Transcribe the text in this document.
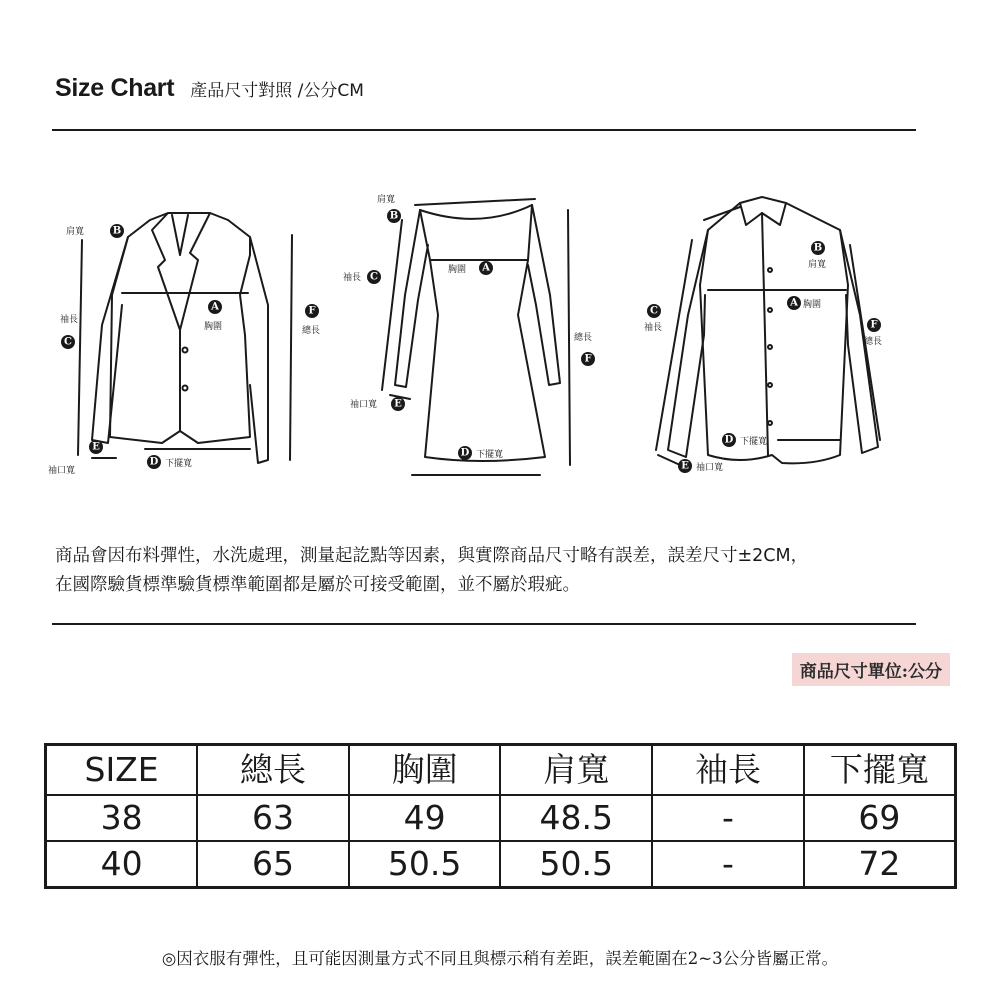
Size Chart 產品尺寸對照 /公分CM
肩寬	B
袖長
C
A
胸圍
F
總長
E
袖口寬
D 下擺寬
肩寬
B
袖長 C
胸圍 A
總長
F
袖口寬 E
D 下擺寬
B
肩寬
C
袖長
A 胸圍
F
總長
D 下擺寬
E 袖口寬
商品會因布料彈性，水洗處理，測量起訖點等因素，與實際商品尺寸略有誤差，誤差尺寸±2CM，
在國際驗貨標準驗貨標準範圍都是屬於可接受範圍，並不屬於瑕疵。
商品尺寸單位:公分
SIZE	總長	胸圍	肩寬	袖長	下擺寬
38	63	49	48.5	-	69
40	65	50.5	50.5	-	72
◎因衣服有彈性，且可能因測量方式不同且與標示稍有差距，誤差範圍在2~3公分皆屬正常。
